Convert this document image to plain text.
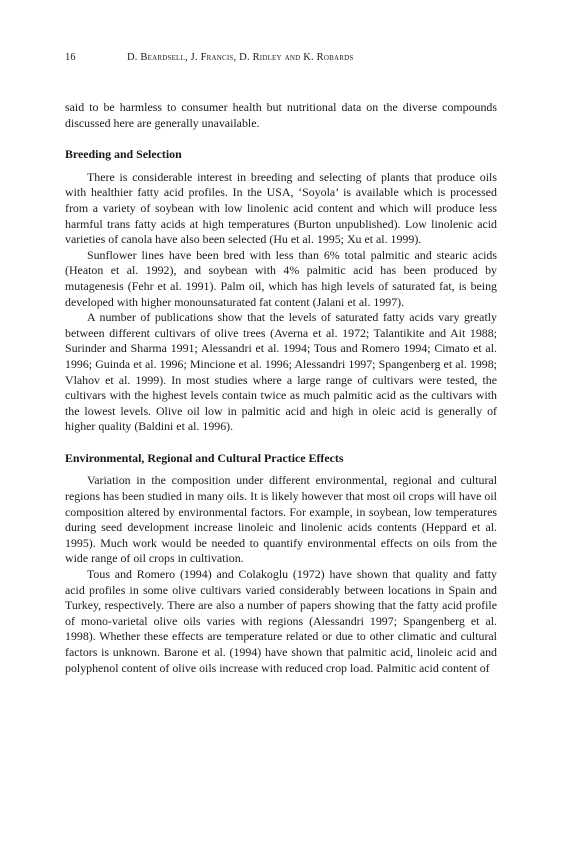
16	D. Beardsell, J. Francis, D. Ridley and K. Robards

said to be harmless to consumer health but nutritional data on the diverse compounds discussed here are generally unavailable.

Breeding and Selection

There is considerable interest in breeding and selecting of plants that produce oils with healthier fatty acid profiles. In the USA, ‘Soyola’ is available which is processed from a variety of soybean with low linolenic acid content and which will produce less harmful trans fatty acids at high temperatures (Burton unpublished). Low linolenic acid varieties of canola have also been selected (Hu et al. 1995; Xu et al. 1999).

Sunflower lines have been bred with less than 6% total palmitic and stearic acids (Heaton et al. 1992), and soybean with 4% palmitic acid has been produced by mutagenesis (Fehr et al. 1991). Palm oil, which has high levels of saturated fat, is being developed with higher monounsaturated fat content (Jalani et al. 1997).

A number of publications show that the levels of saturated fatty acids vary greatly between different cultivars of olive trees (Averna et al. 1972; Talantikite and Ait 1988; Surinder and Sharma 1991; Alessandri et al. 1994; Tous and Romero 1994; Cimato et al. 1996; Guinda et al. 1996; Mincione et al. 1996; Alessandri 1997; Spangenberg et al. 1998; Vlahov et al. 1999). In most studies where a large range of cultivars were tested, the cultivars with the highest levels contain twice as much palmitic acid as the cultivars with the lowest levels. Olive oil low in palmitic acid and high in oleic acid is generally of higher quality (Baldini et al. 1996).

Environmental, Regional and Cultural Practice Effects

Variation in the composition under different environmental, regional and cultural regions has been studied in many oils. It is likely however that most oil crops will have oil composition altered by environmental factors. For example, in soybean, low temperatures during seed development increase linoleic and linolenic acids contents (Heppard et al. 1995). Much work would be needed to quantify environmental effects on oils from the wide range of oil crops in cultivation.

Tous and Romero (1994) and Colakoglu (1972) have shown that quality and fatty acid profiles in some olive cultivars varied considerably between locations in Spain and Turkey, respectively. There are also a number of papers showing that the fatty acid profile of mono-varietal olive oils varies with regions (Alessandri 1997; Spangenberg et al. 1998). Whether these effects are temperature related or due to other climatic and cultural factors is unknown. Barone et al. (1994) have shown that palmitic acid, linoleic acid and polyphenol content of olive oils increase with reduced crop load. Palmitic acid content of
